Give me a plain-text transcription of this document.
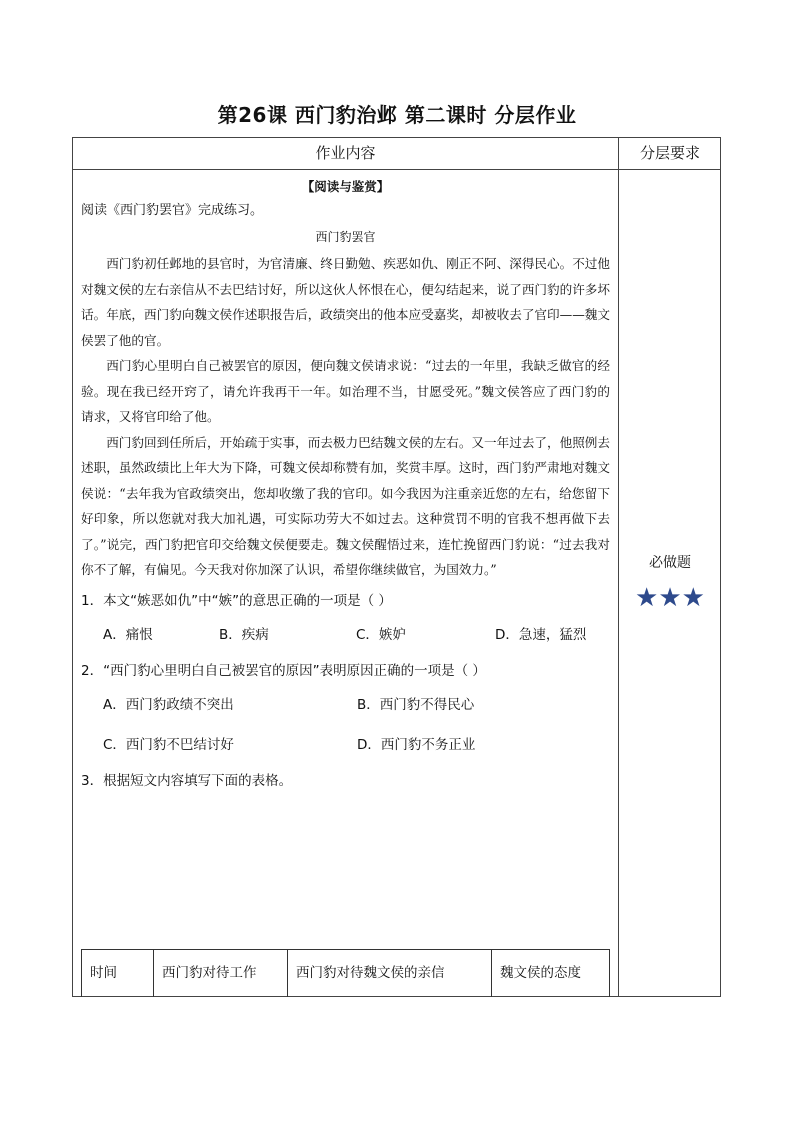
第26课 西门豹治邺 第二课时 分层作业
作业内容	分层要求
【阅读与鉴赏】
阅读《西门豹罢官》完成练习。
西门豹罢官

西门豹初任邺地的县官时，为官清廉、终日勤勉、疾恶如仇、刚正不阿、深得民心。不过他对魏文侯的左右亲信从不去巴结讨好，所以这伙人怀恨在心，便勾结起来，说了西门豹的许多坏话。年底，西门豹向魏文侯作述职报告后，政绩突出的他本应受嘉奖，却被收去了官印——魏文侯罢了他的官。

西门豹心里明白自己被罢官的原因，便向魏文侯请求说：“过去的一年里，我缺乏做官的经验。现在我已经开窍了，请允许我再干一年。如治理不当，甘愿受死。”魏文侯答应了西门豹的请求，又将官印给了他。

西门豹回到任所后，开始疏于实事，而去极力巴结魏文侯的左右。又一年过去了，他照例去述职，虽然政绩比上年大为下降，可魏文侯却称赞有加，奖赏丰厚。这时，西门豹严肃地对魏文侯说：“去年我为官政绩突出，您却收缴了我的官印。如今我因为注重亲近您的左右，给您留下好印象，所以您就对我大加礼遇，可实际功劳大不如过去。这种赏罚不明的官我不想再做下去了。”说完，西门豹把官印交给魏文侯便要走。魏文侯醒悟过来，连忙挽留西门豹说：“过去我对你不了解，有偏见。今天我对你加深了认识，希望你继续做官，为国效力。”

1．本文“嫉恶如仇”中“嫉”的意思正确的一项是（ ）
A．痛恨	B．疾病	C．嫉妒	D．急速，猛烈
2．“西门豹心里明白自己被罢官的原因”表明原因正确的一项是（ ）
A．西门豹政绩不突出	B．西门豹不得民心
C．西门豹不巴结讨好	D．西门豹不务正业
3．根据短文内容填写下面的表格。
时间	西门豹对待工作	西门豹对待魏文侯的亲信	魏文侯的态度
必做题
★★★
